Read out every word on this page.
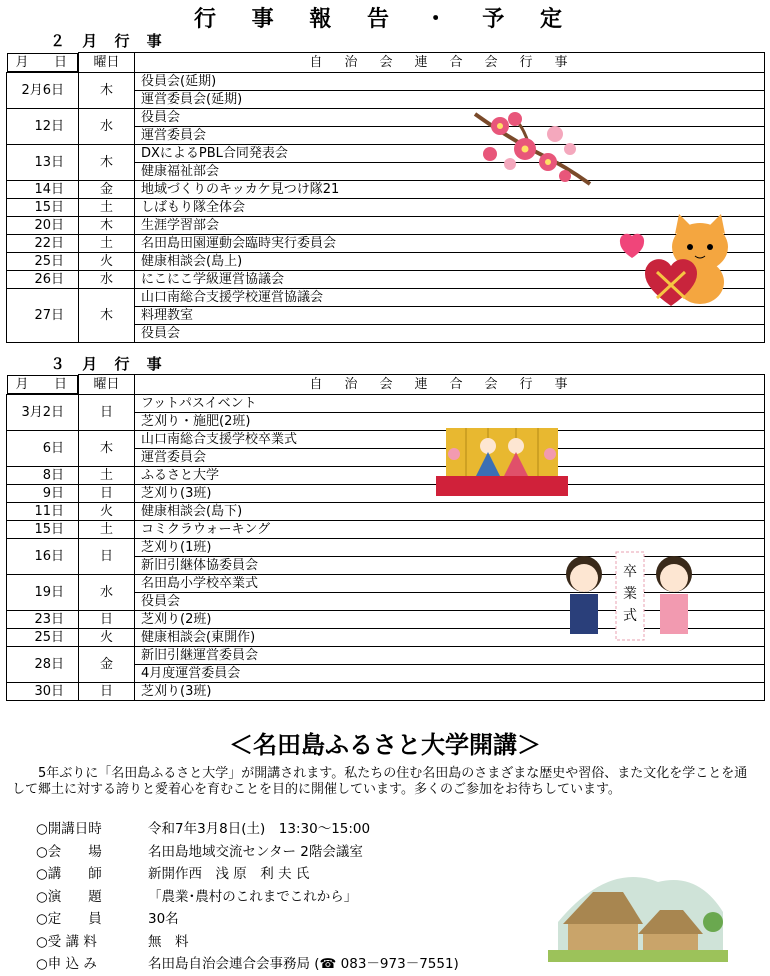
行 事 報 告 ・ 予 定
２ 月 行 事
月 日 曜日	自治会連合会行事
2月6日	木	役員会(延期)
		運営委員会(延期)
12日	水	役員会
		運営委員会
13日	木	DXによるPBL合同発表会
		健康福祉部会
14日	金	地域づくりのキッカケ見つけ隊21
15日	土	しばもり隊全体会
20日	木	生涯学習部会
22日	土	名田島田園運動会臨時実行委員会
25日	火	健康相談会(島上)
26日	水	にこにこ学級運営協議会
27日	木	山口南総合支援学校運営協議会
		料理教室
		役員会
３ 月 行 事
月 日 曜日	自治会連合会行事
3月2日	日	フットパスイベント
		芝刈り・施肥(2班)
6日	木	山口南総合支援学校卒業式
		運営委員会
8日	土	ふるさと大学
9日	日	芝刈り(3班)
11日	火	健康相談会(島下)
15日	土	コミクラウォーキング
16日	日	芝刈り(1班)
		新旧引継体協委員会
19日	水	名田島小学校卒業式
		役員会
23日	日	芝刈り(2班)
25日	火	健康相談会(東開作)
28日	金	新旧引継運営委員会
		4月度運営委員会
30日	日	芝刈り(3班)
卒
業
式
＜名田島ふるさと大学開講＞
5年ぶりに「名田島ふるさと大学」が開講されます。私たちの住む名田島のさまざまな歴史や習俗、また文化を学ことを通して郷土に対する誇りと愛着心を育むことを目的に開催しています。多くのご参加をお待ちしています。
○開講日時	令和7年3月8日(土)　13:30～15:00
○会　　場	名田島地域交流センター 2階会議室
○講　　師	新開作西　浅 原　利 夫 氏
○演　　題	「農業･農村のこれまでこれから」
○定　　員	30名
○受 講 料	無　料
○申 込 み	名田島自治会連合会事務局 (☎ 083－973－7551)
